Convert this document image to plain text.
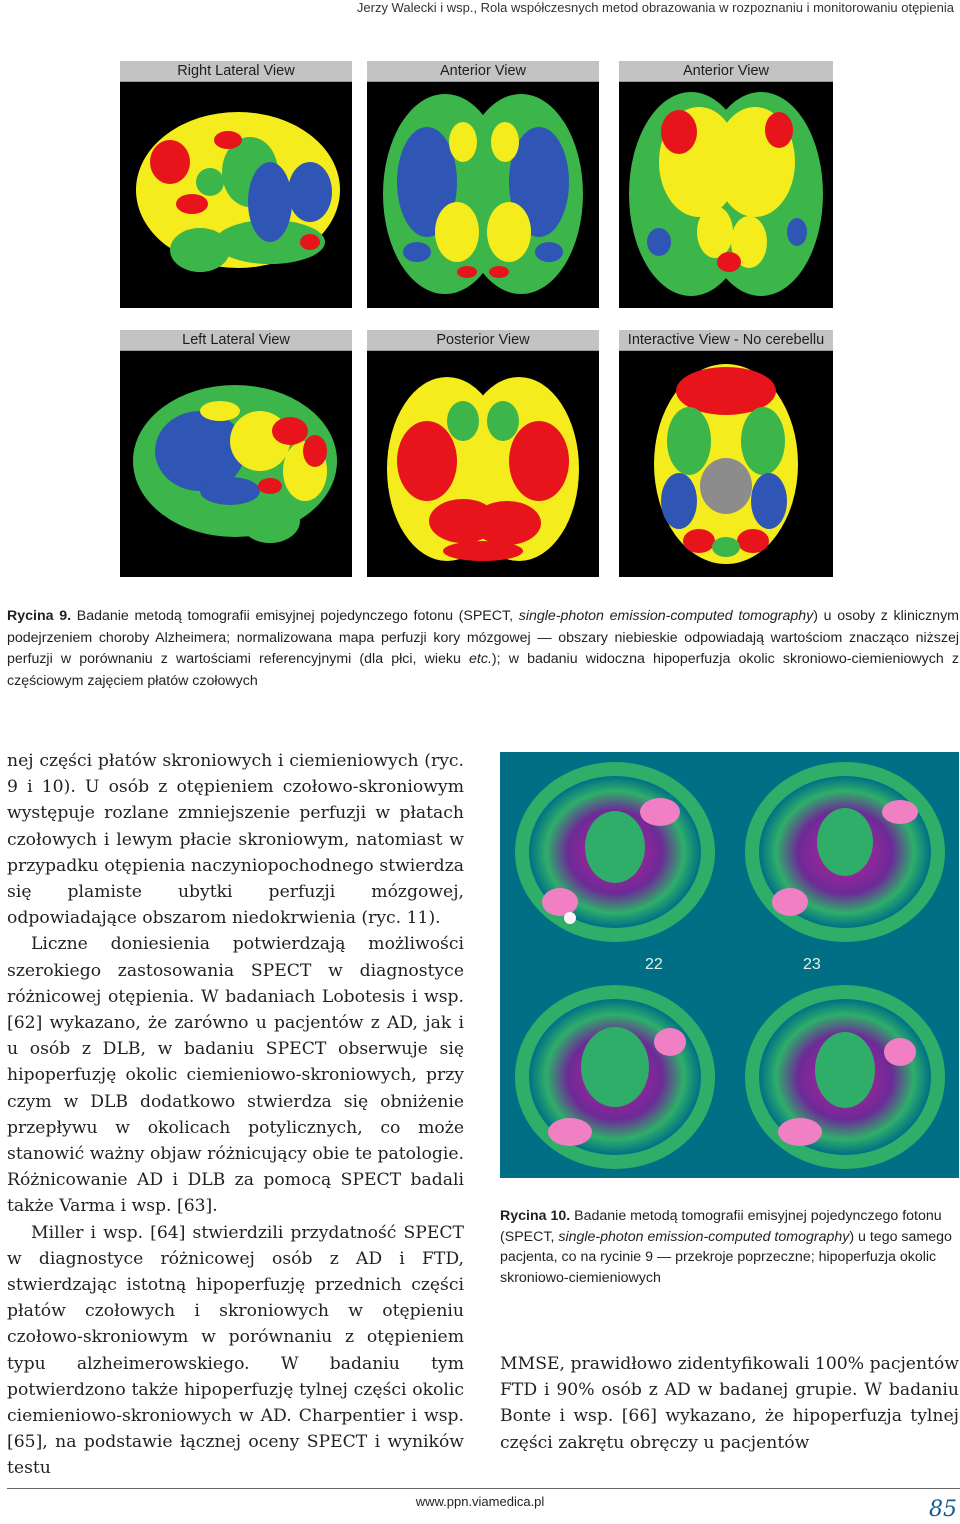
Jerzy Walecki i wsp., Rola współczesnych metod obrazowania w rozpoznaniu i monitorowaniu otępienia
Right Lateral View	Anterior View	Anterior View
Left Lateral View	Posterior View	Interactive View - No cerebellu
Rycina 9. Badanie metodą tomografii emisyjnej pojedynczego fotonu (SPECT, single-photon emission-computed tomography) u osoby z klinicznym podejrzeniem choroby Alzheimera; normalizowana mapa perfuzji kory mózgowej — obszary niebieskie odpowiadają wartościom znacząco niższej perfuzji w porównaniu z wartościami referencyjnymi (dla płci, wieku etc.); w badaniu widoczna hipoperfuzja okolic skroniowo-ciemieniowych z częściowym zajęciem płatów czołowych

nej części płatów skroniowych i ciemieniowych (ryc. 9 i 10). U osób z otępieniem czołowo-skroniowym występuje rozlane zmniejszenie perfuzji w płatach czołowych i lewym płacie skroniowym, natomiast w przypadku otępienia naczyniopochodnego stwierdza się plamiste ubytki perfuzji mózgowej, odpowiadające obszarom niedokrwienia (ryc. 11).

Liczne doniesienia potwierdzają możliwości szerokiego zastosowania SPECT w diagnostyce różnicowej otępienia. W badaniach Lobotesis i wsp. [62] wykazano, że zarówno u pacjentów z AD, jak i u osób z DLB, w badaniu SPECT obserwuje się hipoperfuzję okolic ciemieniowo-skroniowych, przy czym w DLB dodatkowo stwierdza się obniżenie przepływu w okolicach potylicznych, co może stanowić ważny objaw różnicujący obie te patologie. Różnicowanie AD i DLB za pomocą SPECT badali także Varma i wsp. [63].

Miller i wsp. [64] stwierdzili przydatność SPECT w diagnostyce różnicowej osób z AD i FTD, stwierdzając istotną hipoperfuzję przednich części płatów czołowych i skroniowych w otępieniu czołowo-skroniowym w porównaniu z otępieniem typu alzheimerowskiego. W badaniu tym potwierdzono także hipoperfuzję tylnej części okolic ciemieniowo-skroniowych w AD. Charpentier i wsp. [65], na podstawie łącznej oceny SPECT i wyników testu

22	23
Rycina 10. Badanie metodą tomografii emisyjnej pojedynczego fotonu (SPECT, single-photon emission-computed tomography) u tego samego pacjenta, co na rycinie 9 — przekroje poprzeczne; hipoperfuzja okolic skroniowo-ciemieniowych

MMSE, prawidłowo zidentyfikowali 100% pacjentów FTD i 90% osób z AD w badanej grupie. W badaniu Bonte i wsp. [66] wykazano, że hipoperfuzja tylnej części zakrętu obręczy u pacjentów

www.ppn.viamedica.pl	85
